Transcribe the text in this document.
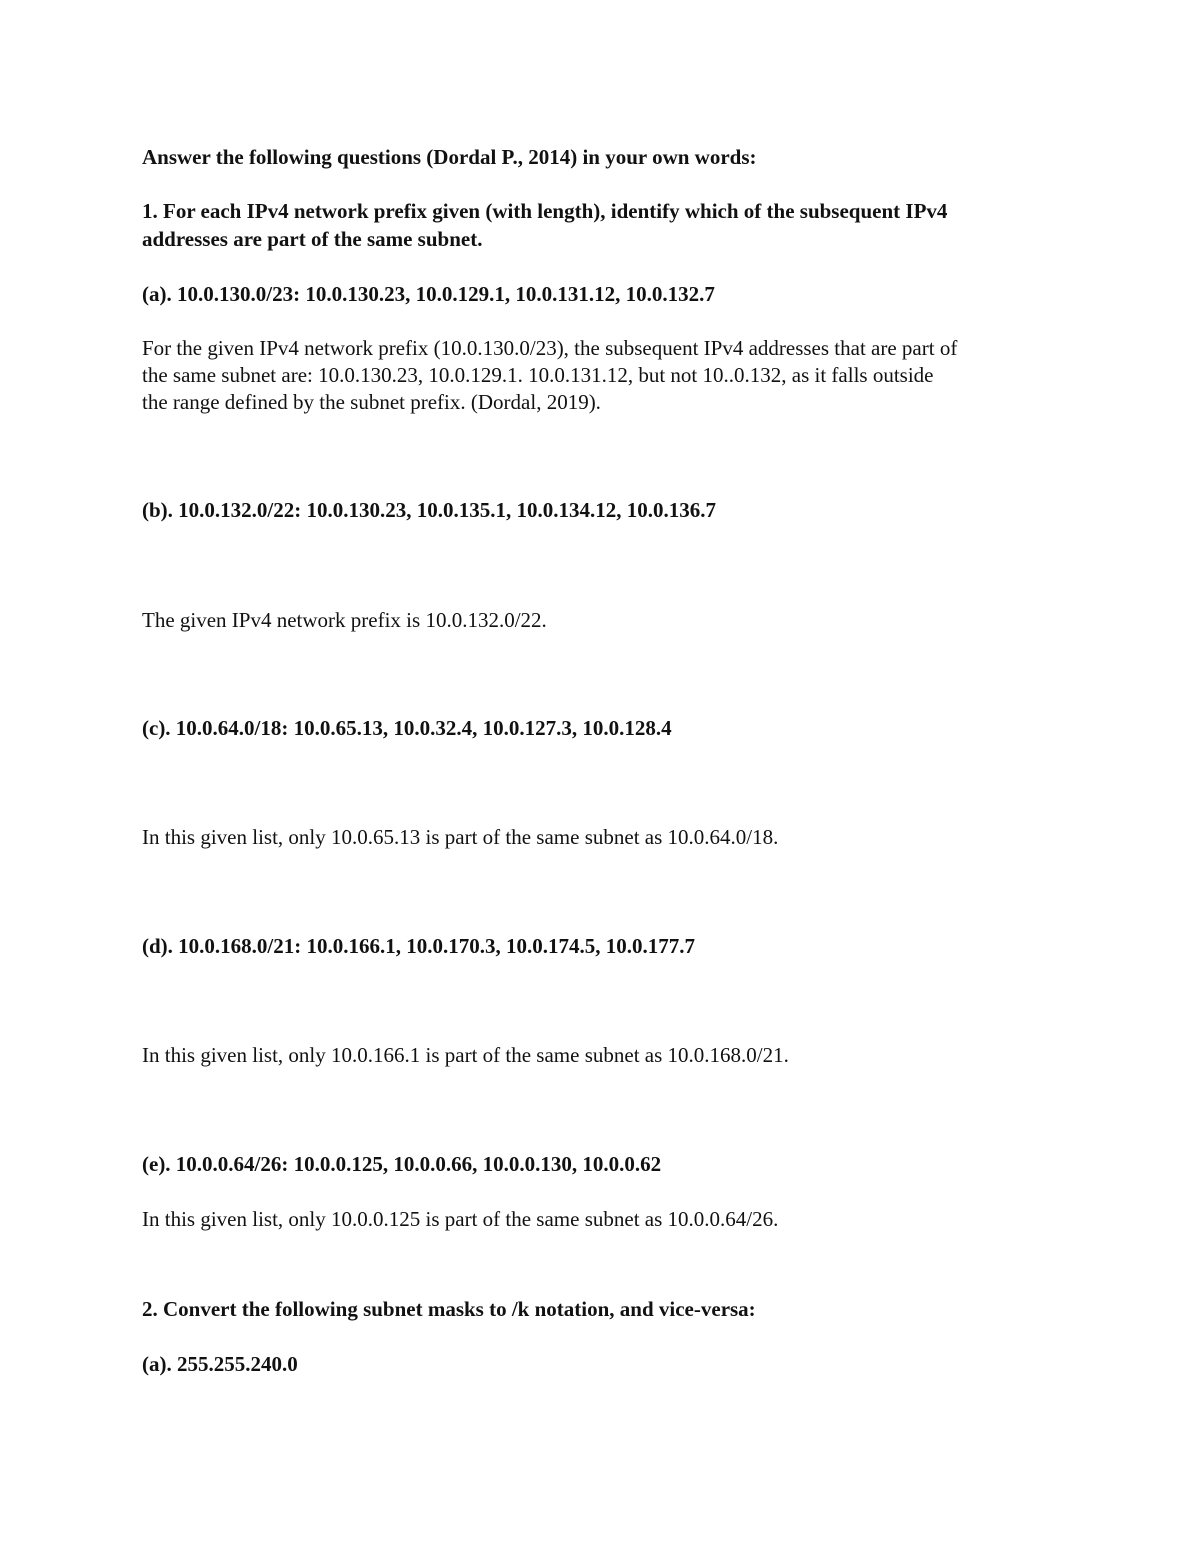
Answer the following questions (Dordal P., 2014) in your own words:
1. For each IPv4 network prefix given (with length), identify which of the subsequent IPv4
addresses are part of the same subnet.
(a). 10.0.130.0/23: 10.0.130.23, 10.0.129.1, 10.0.131.12, 10.0.132.7
For the given IPv4 network prefix (10.0.130.0/23), the subsequent IPv4 addresses that are part of
the same subnet are: 10.0.130.23, 10.0.129.1. 10.0.131.12, but not 10..0.132, as it falls outside
the range defined by the subnet prefix. (Dordal, 2019).
(b). 10.0.132.0/22: 10.0.130.23, 10.0.135.1, 10.0.134.12, 10.0.136.7
The given IPv4 network prefix is 10.0.132.0/22.
(c). 10.0.64.0/18: 10.0.65.13, 10.0.32.4, 10.0.127.3, 10.0.128.4
In this given list, only 10.0.65.13 is part of the same subnet as 10.0.64.0/18.
(d). 10.0.168.0/21: 10.0.166.1, 10.0.170.3, 10.0.174.5, 10.0.177.7
In this given list, only 10.0.166.1 is part of the same subnet as 10.0.168.0/21.
(e). 10.0.0.64/26: 10.0.0.125, 10.0.0.66, 10.0.0.130, 10.0.0.62
In this given list, only 10.0.0.125 is part of the same subnet as 10.0.0.64/26.
2. Convert the following subnet masks to /k notation, and vice-versa:
(a). 255.255.240.0
